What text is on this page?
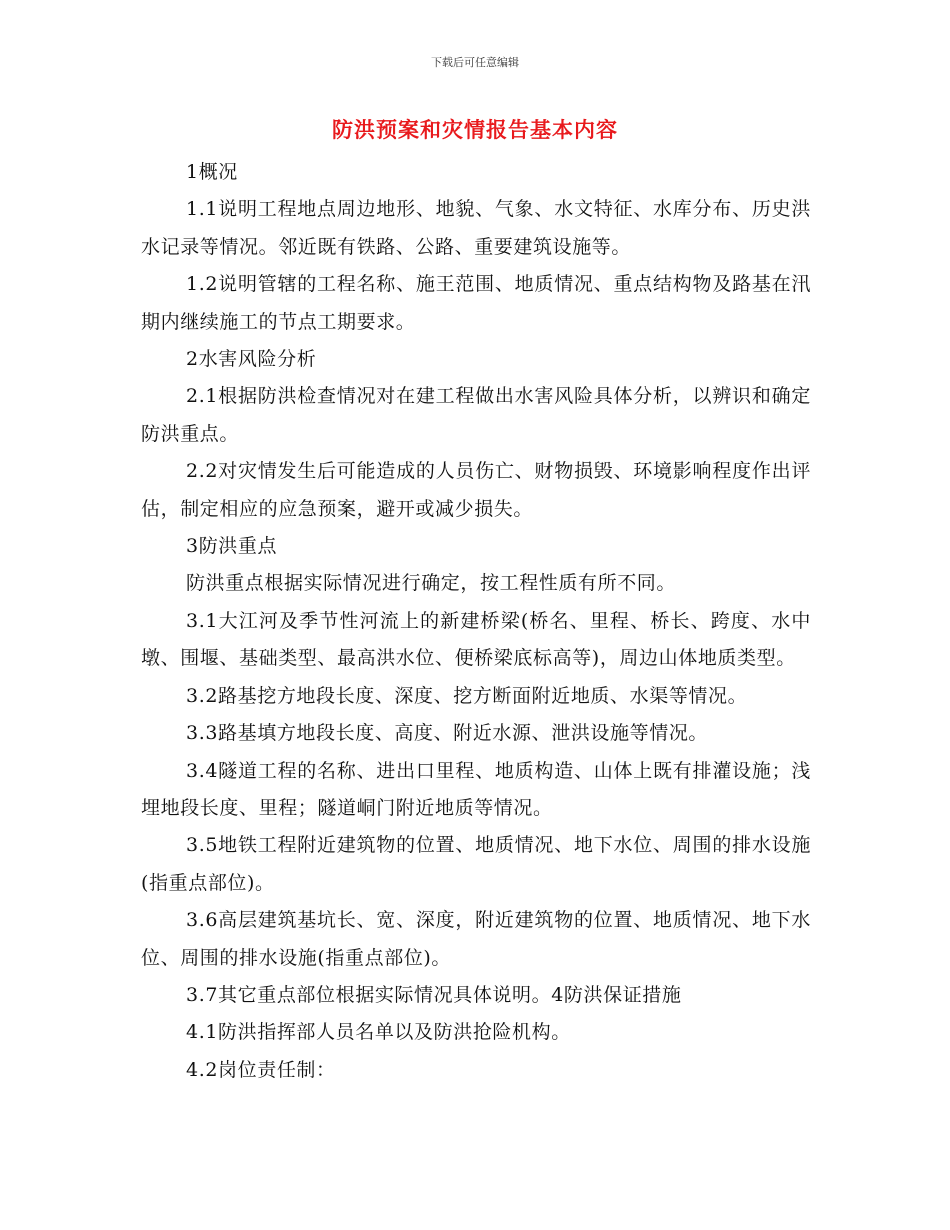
下载后可任意编辑
防洪预案和灾情报告基本内容

1概况

1.1说明工程地点周边地形、地貌、气象、水文特征、水库分布、历史洪水记录等情况。邻近既有铁路、公路、重要建筑设施等。

1.2说明管辖的工程名称、施王范围、地质情况、重点结构物及路基在汛期内继续施工的节点工期要求。

2水害风险分析

2.1根据防洪检查情况对在建工程做出水害风险具体分析，以辨识和确定防洪重点。

2.2对灾情发生后可能造成的人员伤亡、财物损毁、环境影响程度作出评估，制定相应的应急预案，避开或减少损失。

3防洪重点

防洪重点根据实际情况进行确定，按工程性质有所不同。

3.1大江河及季节性河流上的新建桥梁(桥名、里程、桥长、跨度、水中墩、围堰、基础类型、最高洪水位、便桥梁底标高等)，周边山体地质类型。

3.2路基挖方地段长度、深度、挖方断面附近地质、水渠等情况。

3.3路基填方地段长度、高度、附近水源、泄洪设施等情况。

3.4隧道工程的名称、进出口里程、地质构造、山体上既有排灌设施；浅埋地段长度、里程；隧道峒门附近地质等情况。

3.5地铁工程附近建筑物的位置、地质情况、地下水位、周围的排水设施(指重点部位)。

3.6高层建筑基坑长、宽、深度，附近建筑物的位置、地质情况、地下水位、周围的排水设施(指重点部位)。

3.7其它重点部位根据实际情况具体说明。4防洪保证措施

4.1防洪指挥部人员名单以及防洪抢险机构。

4.2岗位责任制：
